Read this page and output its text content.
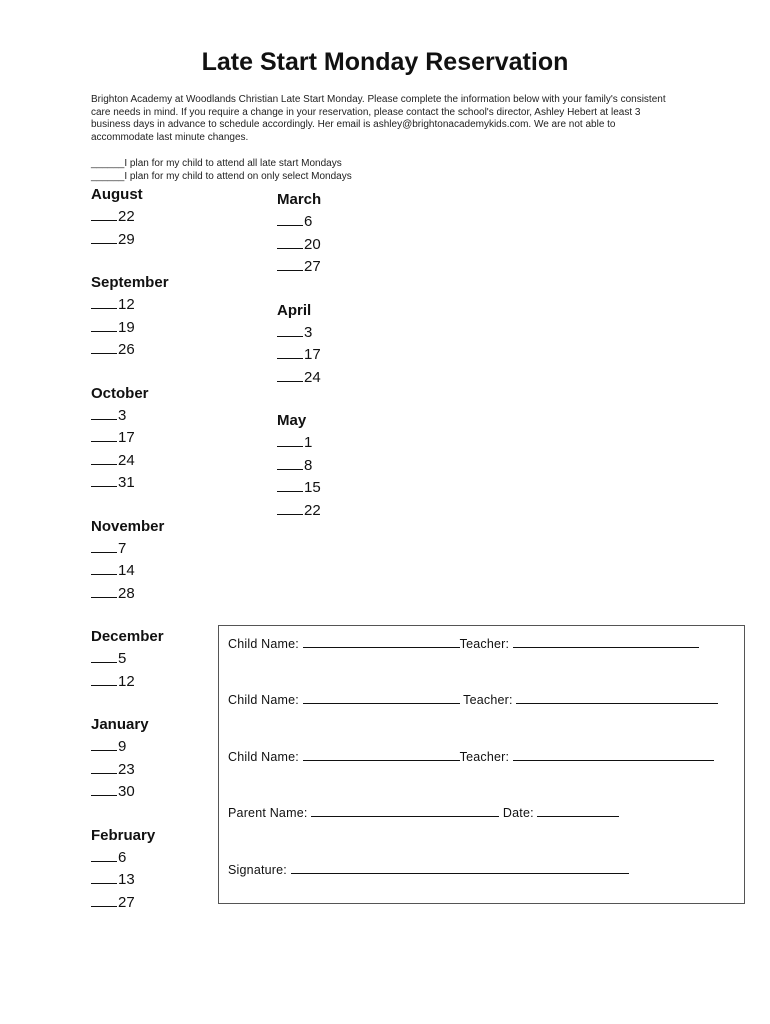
Late Start Monday Reservation
Brighton Academy at Woodlands Christian Late Start Monday. Please complete the information below with your family's consistent care needs in mind. If you require a change in your reservation, please contact the school's director, Ashley Hebert at least 3 business days in advance to schedule accordingly. Her email is ashley@brightonacademykids.com. We are not able to accommodate last minute changes.
______I plan for my child to attend all late start Mondays
______I plan for my child to attend on only select Mondays
August
22
29
September
12
19
26
October
3
17
24
31
November
7
14
28
December
5
12
January
9
23
30
February
6
13
27
March
6
20
27
April
3
17
24
May
1
8
15
22
Child Name:	Teacher:
Child Name:	Teacher:
Child Name:	Teacher:
Parent Name:	Date:
Signature:
